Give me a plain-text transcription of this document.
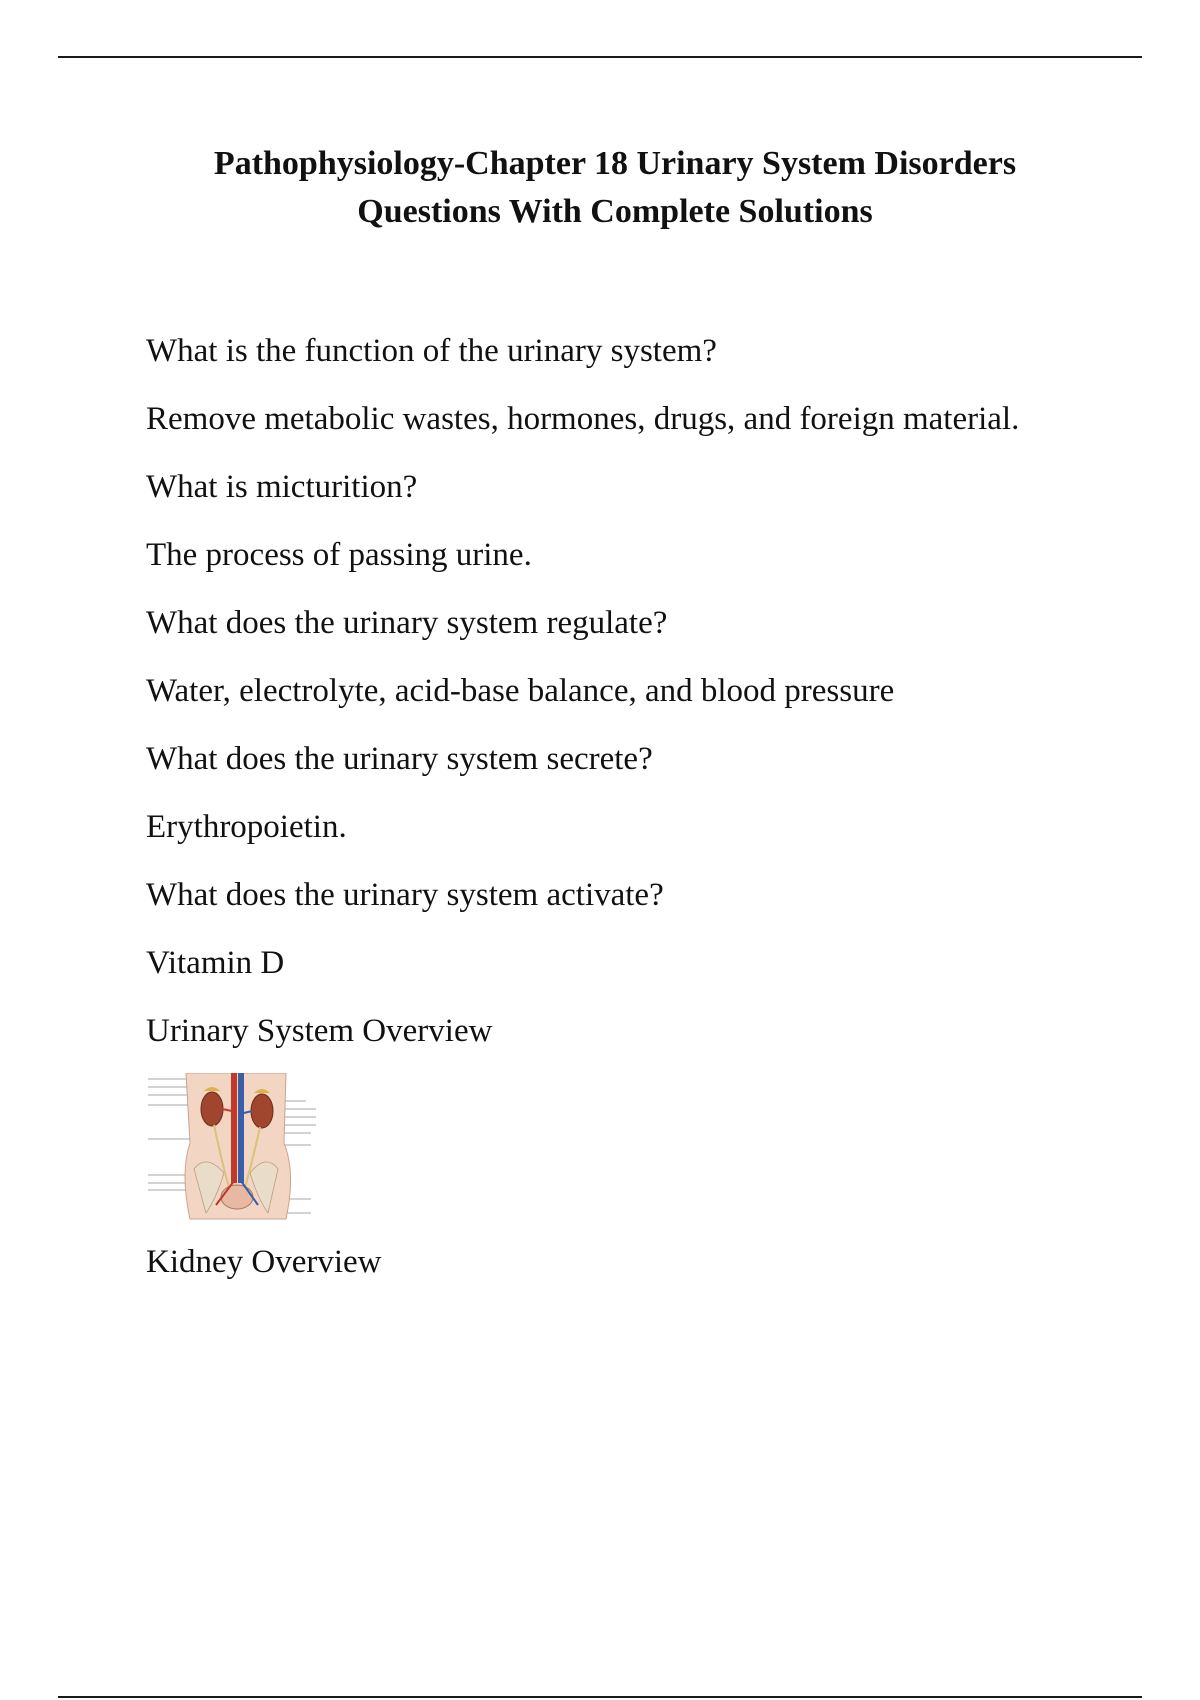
Pathophysiology-Chapter 18 Urinary System Disorders
Questions With Complete Solutions

What is the function of the urinary system?

Remove metabolic wastes, hormones, drugs, and foreign material.

What is micturition?

The process of passing urine.

What does the urinary system regulate?

Water, electrolyte, acid-base balance, and blood pressure

What does the urinary system secrete?

Erythropoietin.

What does the urinary system activate?

Vitamin D

Urinary System Overview

Kidney Overview
